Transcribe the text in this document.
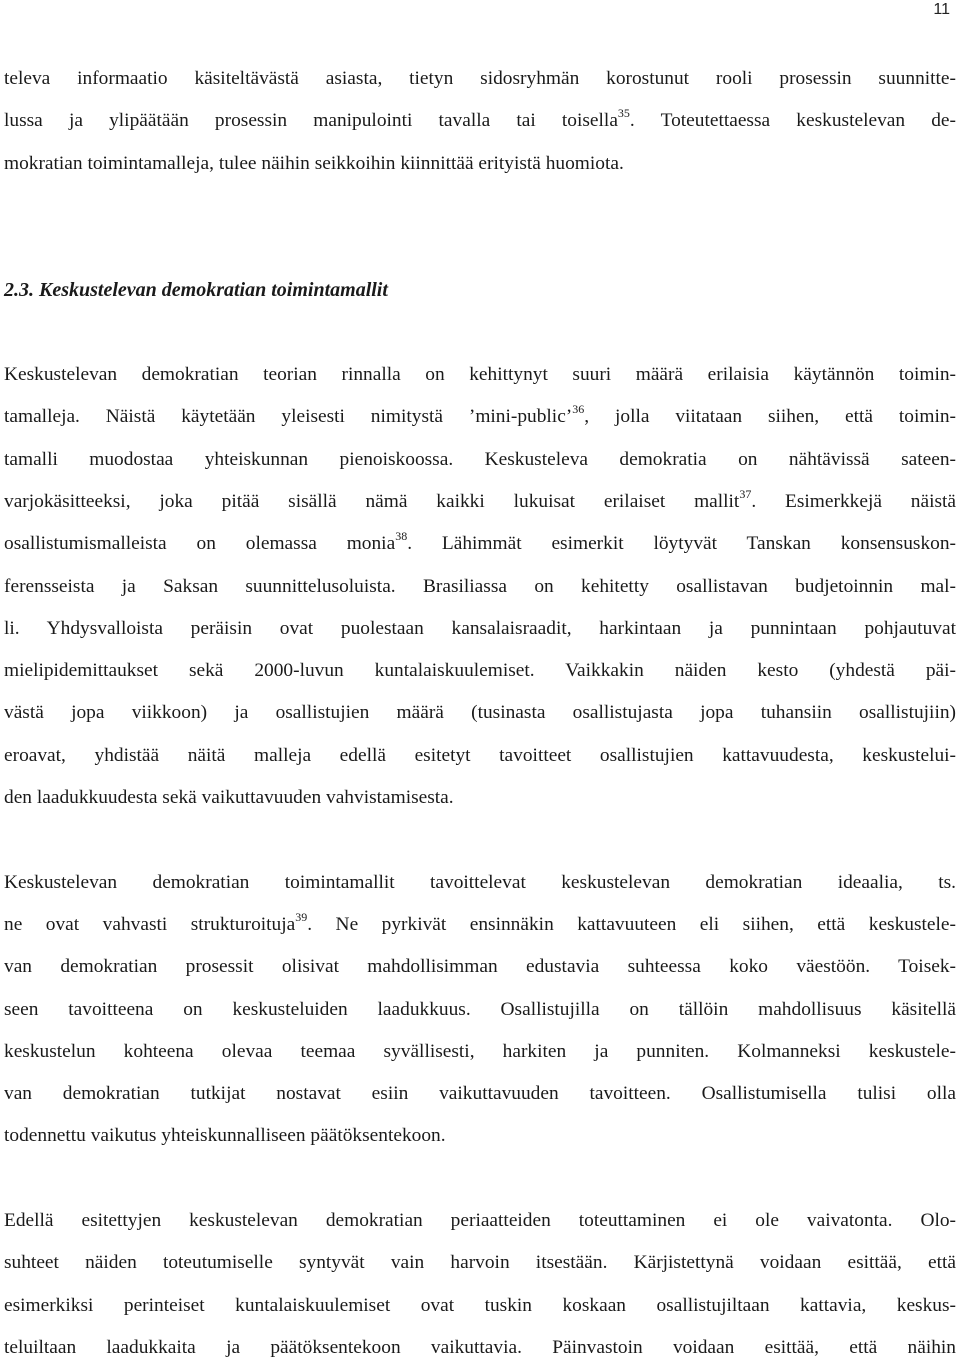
11
televa informaatio käsiteltävästä asiasta, tietyn sidosryhmän korostunut rooli prosessin suunnitte-
lussa ja ylipäätään prosessin manipulointi tavalla tai toisella$^{35}$. Toteutettaessa keskustelevan de-
mokratian toimintamalleja, tulee näihin seikkoihin kiinnittää erityistä huomiota.
2.3. Keskustelevan demokratian toimintamallit
Keskustelevan demokratian teorian rinnalla on kehittynyt suuri määrä erilaisia käytännön toimin-
tamalleja. Näistä käytetään yleisesti nimitystä ’mini-public’$^{36}$, jolla viitataan siihen, että toimin-
tamalli muodostaa yhteiskunnan pienoiskoossa. Keskusteleva demokratia on nähtävissä sateen-
varjokäsitteeksi, joka pitää sisällä nämä kaikki lukuisat erilaiset mallit$^{37}$. Esimerkkejä näistä
osallistumismalleista on olemassa monia$^{38}$. Lähimmät esimerkit löytyvät Tanskan konsensuskon-
ferensseista ja Saksan suunnittelusoluista. Brasiliassa on kehitetty osallistavan budjetoinnin mal-
li. Yhdysvalloista peräisin ovat puolestaan kansalaisraadit, harkintaan ja punnintaan pohjautuvat
mielipidemittaukset sekä 2000-luvun kuntalaiskuulemiset. Vaikkakin näiden kesto (yhdestä päi-
västä jopa viikkoon) ja osallistujien määrä (tusinasta osallistujasta jopa tuhansiin osallistujiin)
eroavat, yhdistää näitä malleja edellä esitetyt tavoitteet osallistujien kattavuudesta, keskustelui-
den laadukkuudesta sekä vaikuttavuuden vahvistamisesta.
Keskustelevan demokratian toimintamallit tavoittelevat keskustelevan demokratian ideaalia, ts.
ne ovat vahvasti strukturoituja$^{39}$. Ne pyrkivät ensinnäkin kattavuuteen eli siihen, että keskustele-
van demokratian prosessit olisivat mahdollisimman edustavia suhteessa koko väestöön. Toisek-
seen tavoitteena on keskusteluiden laadukkuus. Osallistujilla on tällöin mahdollisuus käsitellä
keskustelun kohteena olevaa teemaa syvällisesti, harkiten ja punniten. Kolmanneksi keskustele-
van demokratian tutkijat nostavat esiin vaikuttavuuden tavoitteen. Osallistumisella tulisi olla
todennettu vaikutus yhteiskunnalliseen päätöksentekoon.
Edellä esitettyjen keskustelevan demokratian periaatteiden toteuttaminen ei ole vaivatonta. Olo-
suhteet näiden toteutumiselle syntyvät vain harvoin itsestään. Kärjistettynä voidaan esittää, että
esimerkiksi perinteiset kuntalaiskuulemiset ovat tuskin koskaan osallistujiltaan kattavia, keskus-
teluiltaan laadukkaita ja päätöksentekoon vaikuttavia. Päinvastoin voidaan esittää, että näihin
